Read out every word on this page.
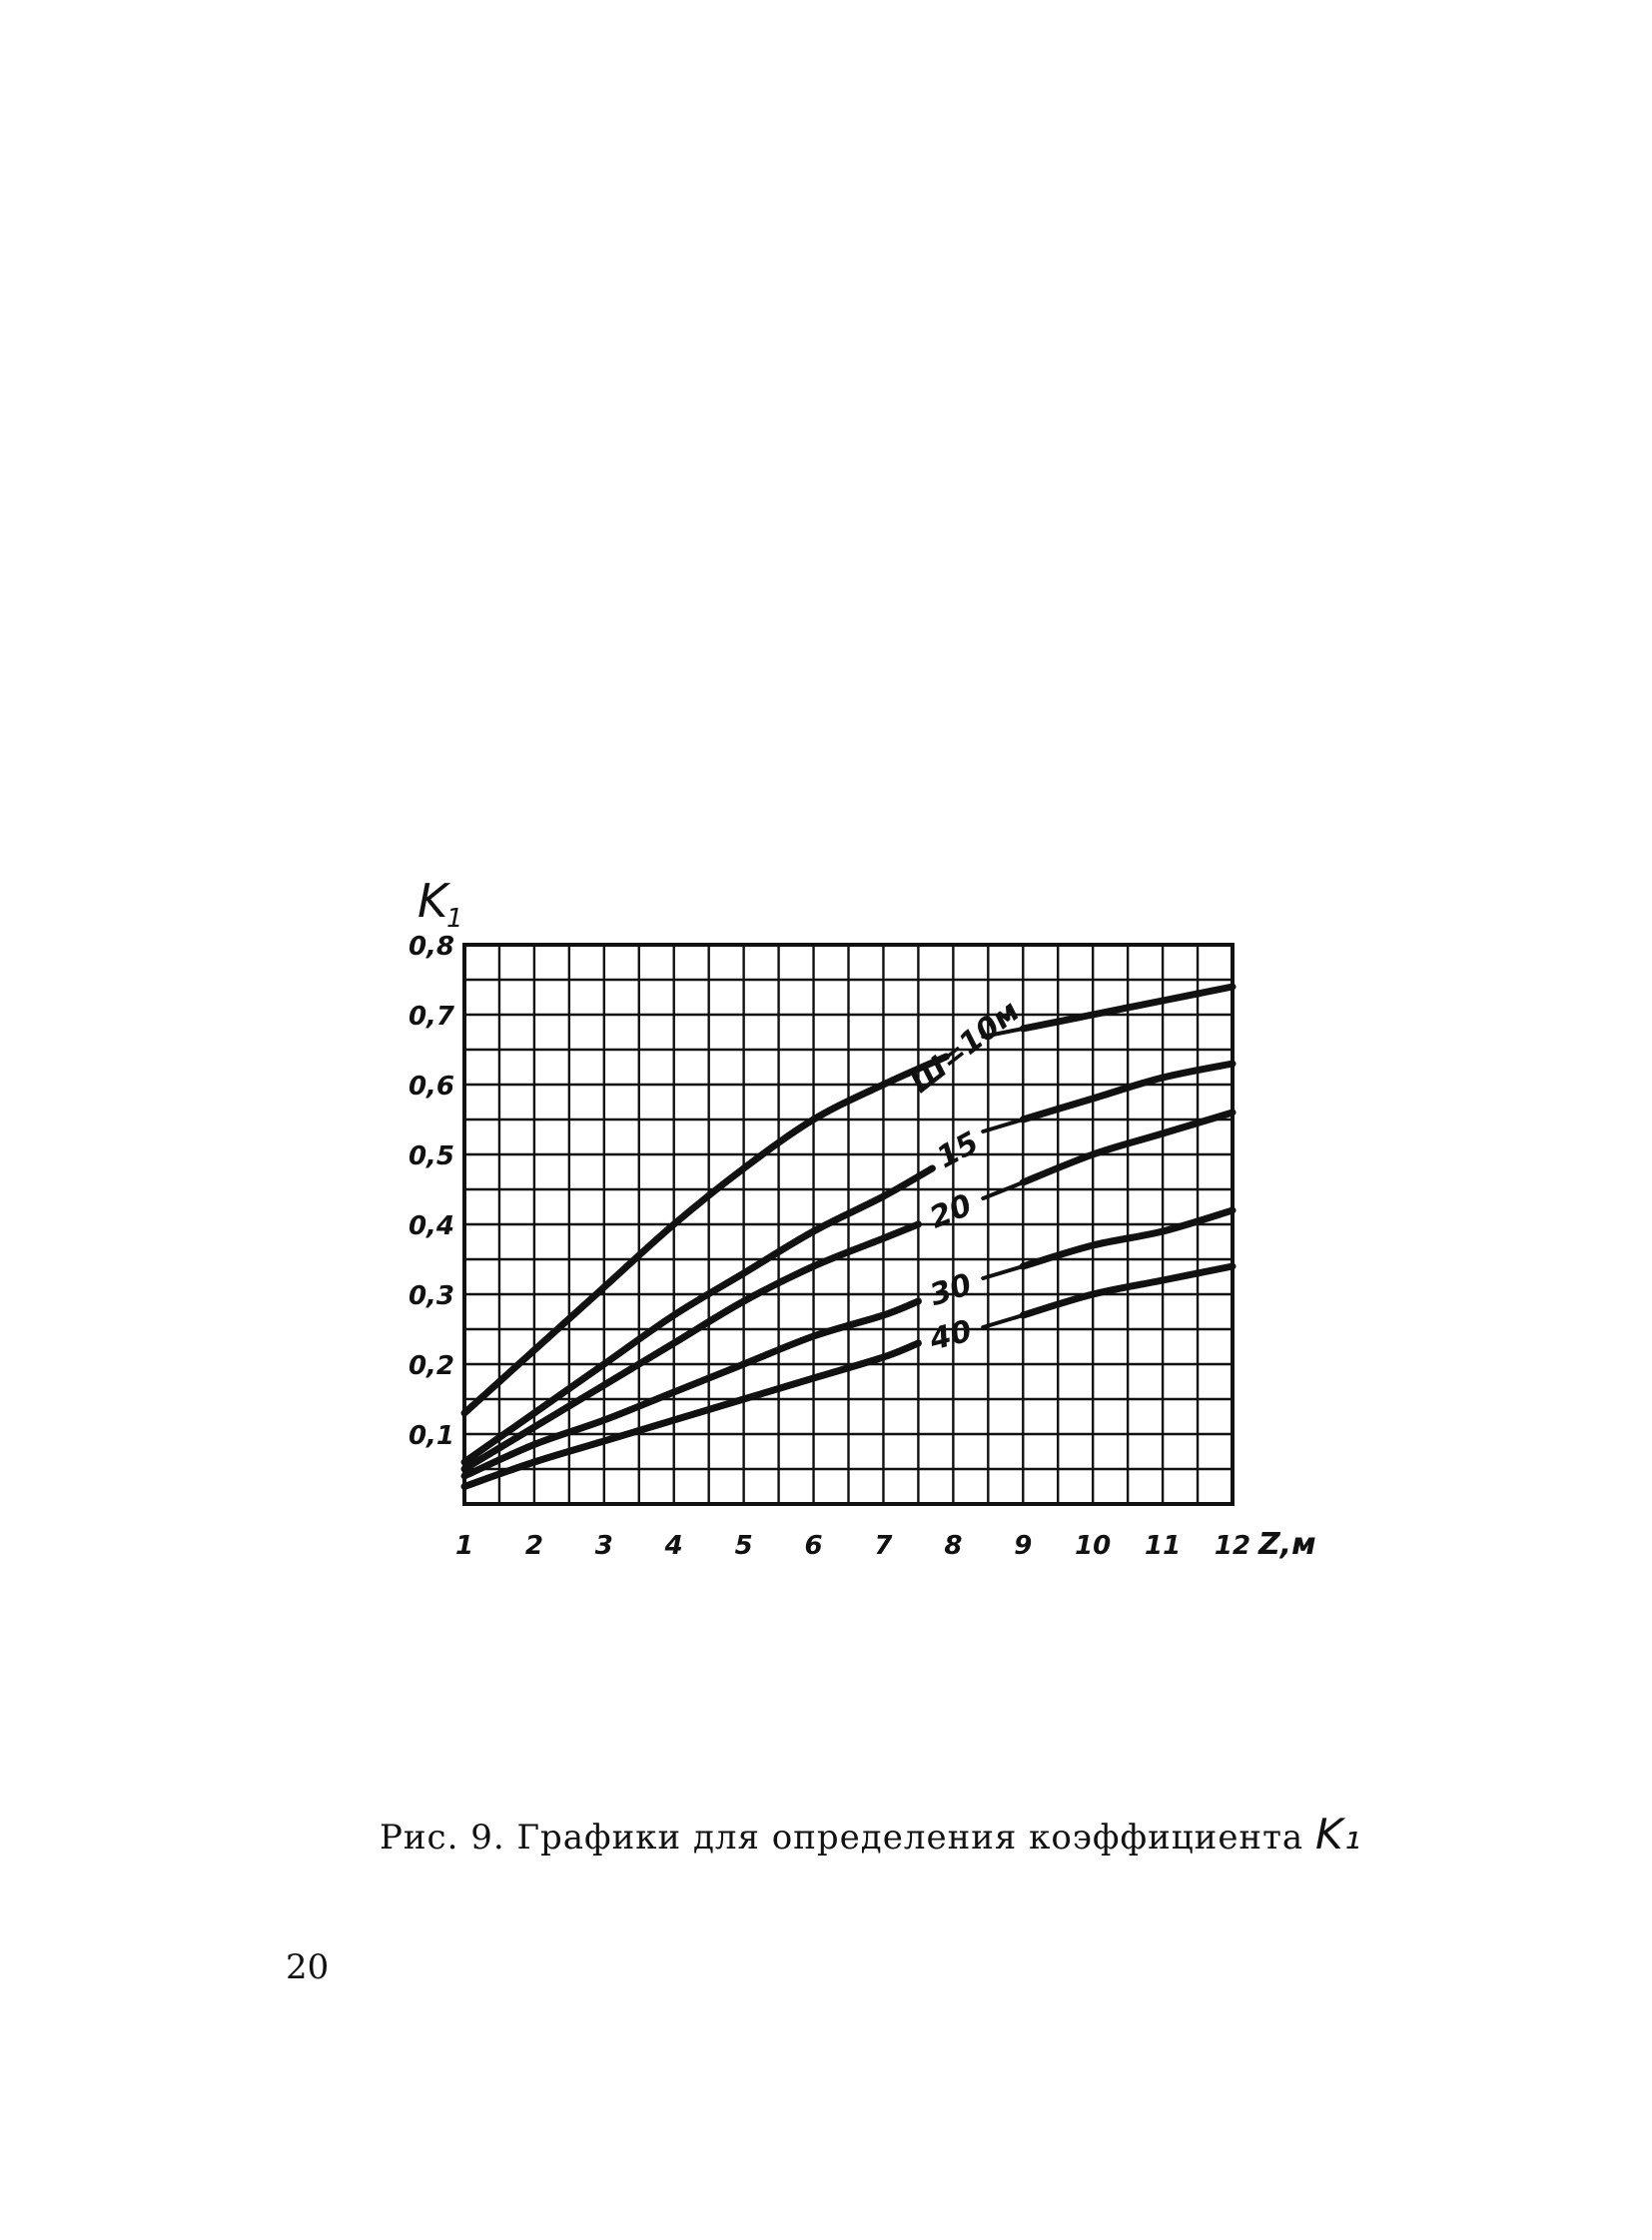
Ш=10м
15
20
30
40
0,1
0,2
0,3
0,4
0,5
0,6
0,7
0,8
1 2 3 4 5 6 7 8 9 10 11 12
K
1
Z,м
Рис. 9. Графики для определения коэффициента K₁
20
